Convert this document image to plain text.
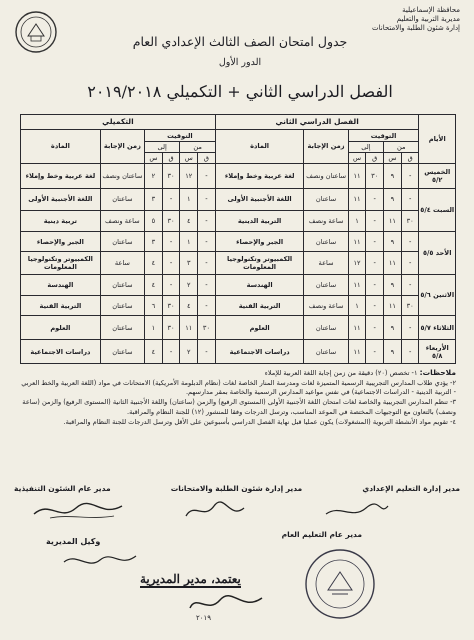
محافظة الإسماعيلية
مديرية التربية والتعليم
إدارة شئون الطلبة والامتحانات
جدول امتحان الصف الثالث الإعدادي العام
الدور الأول
الفصل الدراسي الثاني + التكميلي ٢٠١٩/٢٠١٨
الأيام	الفصل الدراسي الثاني						التكميلي					
	التوقيت				زمن الإجابة	المادة	التوقيت				زمن الإجابة	المادة
	من		إلى				من		إلى			
	ق	س	ق	س			ق	س	ق	س		
الخميس ٥/٢	-	٩	٣٠	١١	ساعتان ونصف	لغة عربية وخط وإملاء	-	١٢	٣٠	٢	ساعتان ونصف	لغة عربية وخط وإملاء
السبت ٥/٤	-	٩	-	١١	ساعتان	اللغة الأجنبية الأولى	-	١	-	٣	ساعتان	اللغة الأجنبية الأولى
	٣٠	١١	-	١	ساعة ونصف	التربية الدينية	-	٤	٣٠	٥	ساعة ونصف	تربية دينية
الأحد ٥/٥	-	٩	-	١١	ساعتان	الجبر والإحصاء	-	١	-	٣	ساعتان	الجبر والإحصاء
	-	١١	-	١٢	ساعة	الكمبيوتر وتكنولوجيا المعلومات	-	٣	-	٤	ساعة	الكمبيوتر وتكنولوجيا المعلومات
الاثنين ٥/٦	-	٩	-	١١	ساعتان	الهندسة	-	٢	-	٤	ساعتان	الهندسة
	٣٠	١١	-	١	ساعة ونصف	التربية الفنية	-	٤	٣٠	٦	ساعتان	التربية الفنية
الثلاثاء ٥/٧	-	٩	-	١١	ساعتان	العلوم	٣٠	١١	٣٠	١	ساعتان	العلوم
الأربعاء ٥/٨	-	٩	-	١١	ساعتان	دراسات الاجتماعية	-	٢	-	٤	ساعتان	دراسات الاجتماعية

ملاحظات: ١- تخصص (٢٠) دقيقة من زمن إجابة اللغة العربية للإملاء

٢- يؤدي طلاب المدارس التجريبية الرسمية المتميزة لغات ومدرسة المنار الخاصة لغات (نظام الدبلومة الأمريكية) الامتحانات في مواد (اللغة العربية والخط العربي - التربية الدينية - الدراسات الاجتماعية) في نفس مواعيد المدارس الرسمية والخاصة بمقر مدارسهم.

٣- تنظم المدارس التجريبية والخاصة لغات امتحان اللغة الأجنبية الأولى (المستوى الرفيع) والزمن (ساعتان) واللغة الأجنبية الثانية (المستوى الرفيع) والزمن (ساعة ونصف) بالتعاون مع التوجيهات المختصة في الموعد المناسب، وترسل الدرجات وفقا للمنشور (١٢) للجنة النظام والمراقبة.

٤- تقويم مواد الأنشطة التربوية (المشغولات) يكون عمليا قبل نهاية الفصل الدراسي بأسبوعين على الأقل وترسل الدرجات للجنة النظام والمراقبة.

مدير إدارة التعليم الإعدادي
مدير إدارة شئون الطلبة والامتحانات
مدير عام الشئون التنفيذية
مدير عام التعليم العام
وكيل المديرية
يعتمد، مدير المديرية
٢٠١٩
